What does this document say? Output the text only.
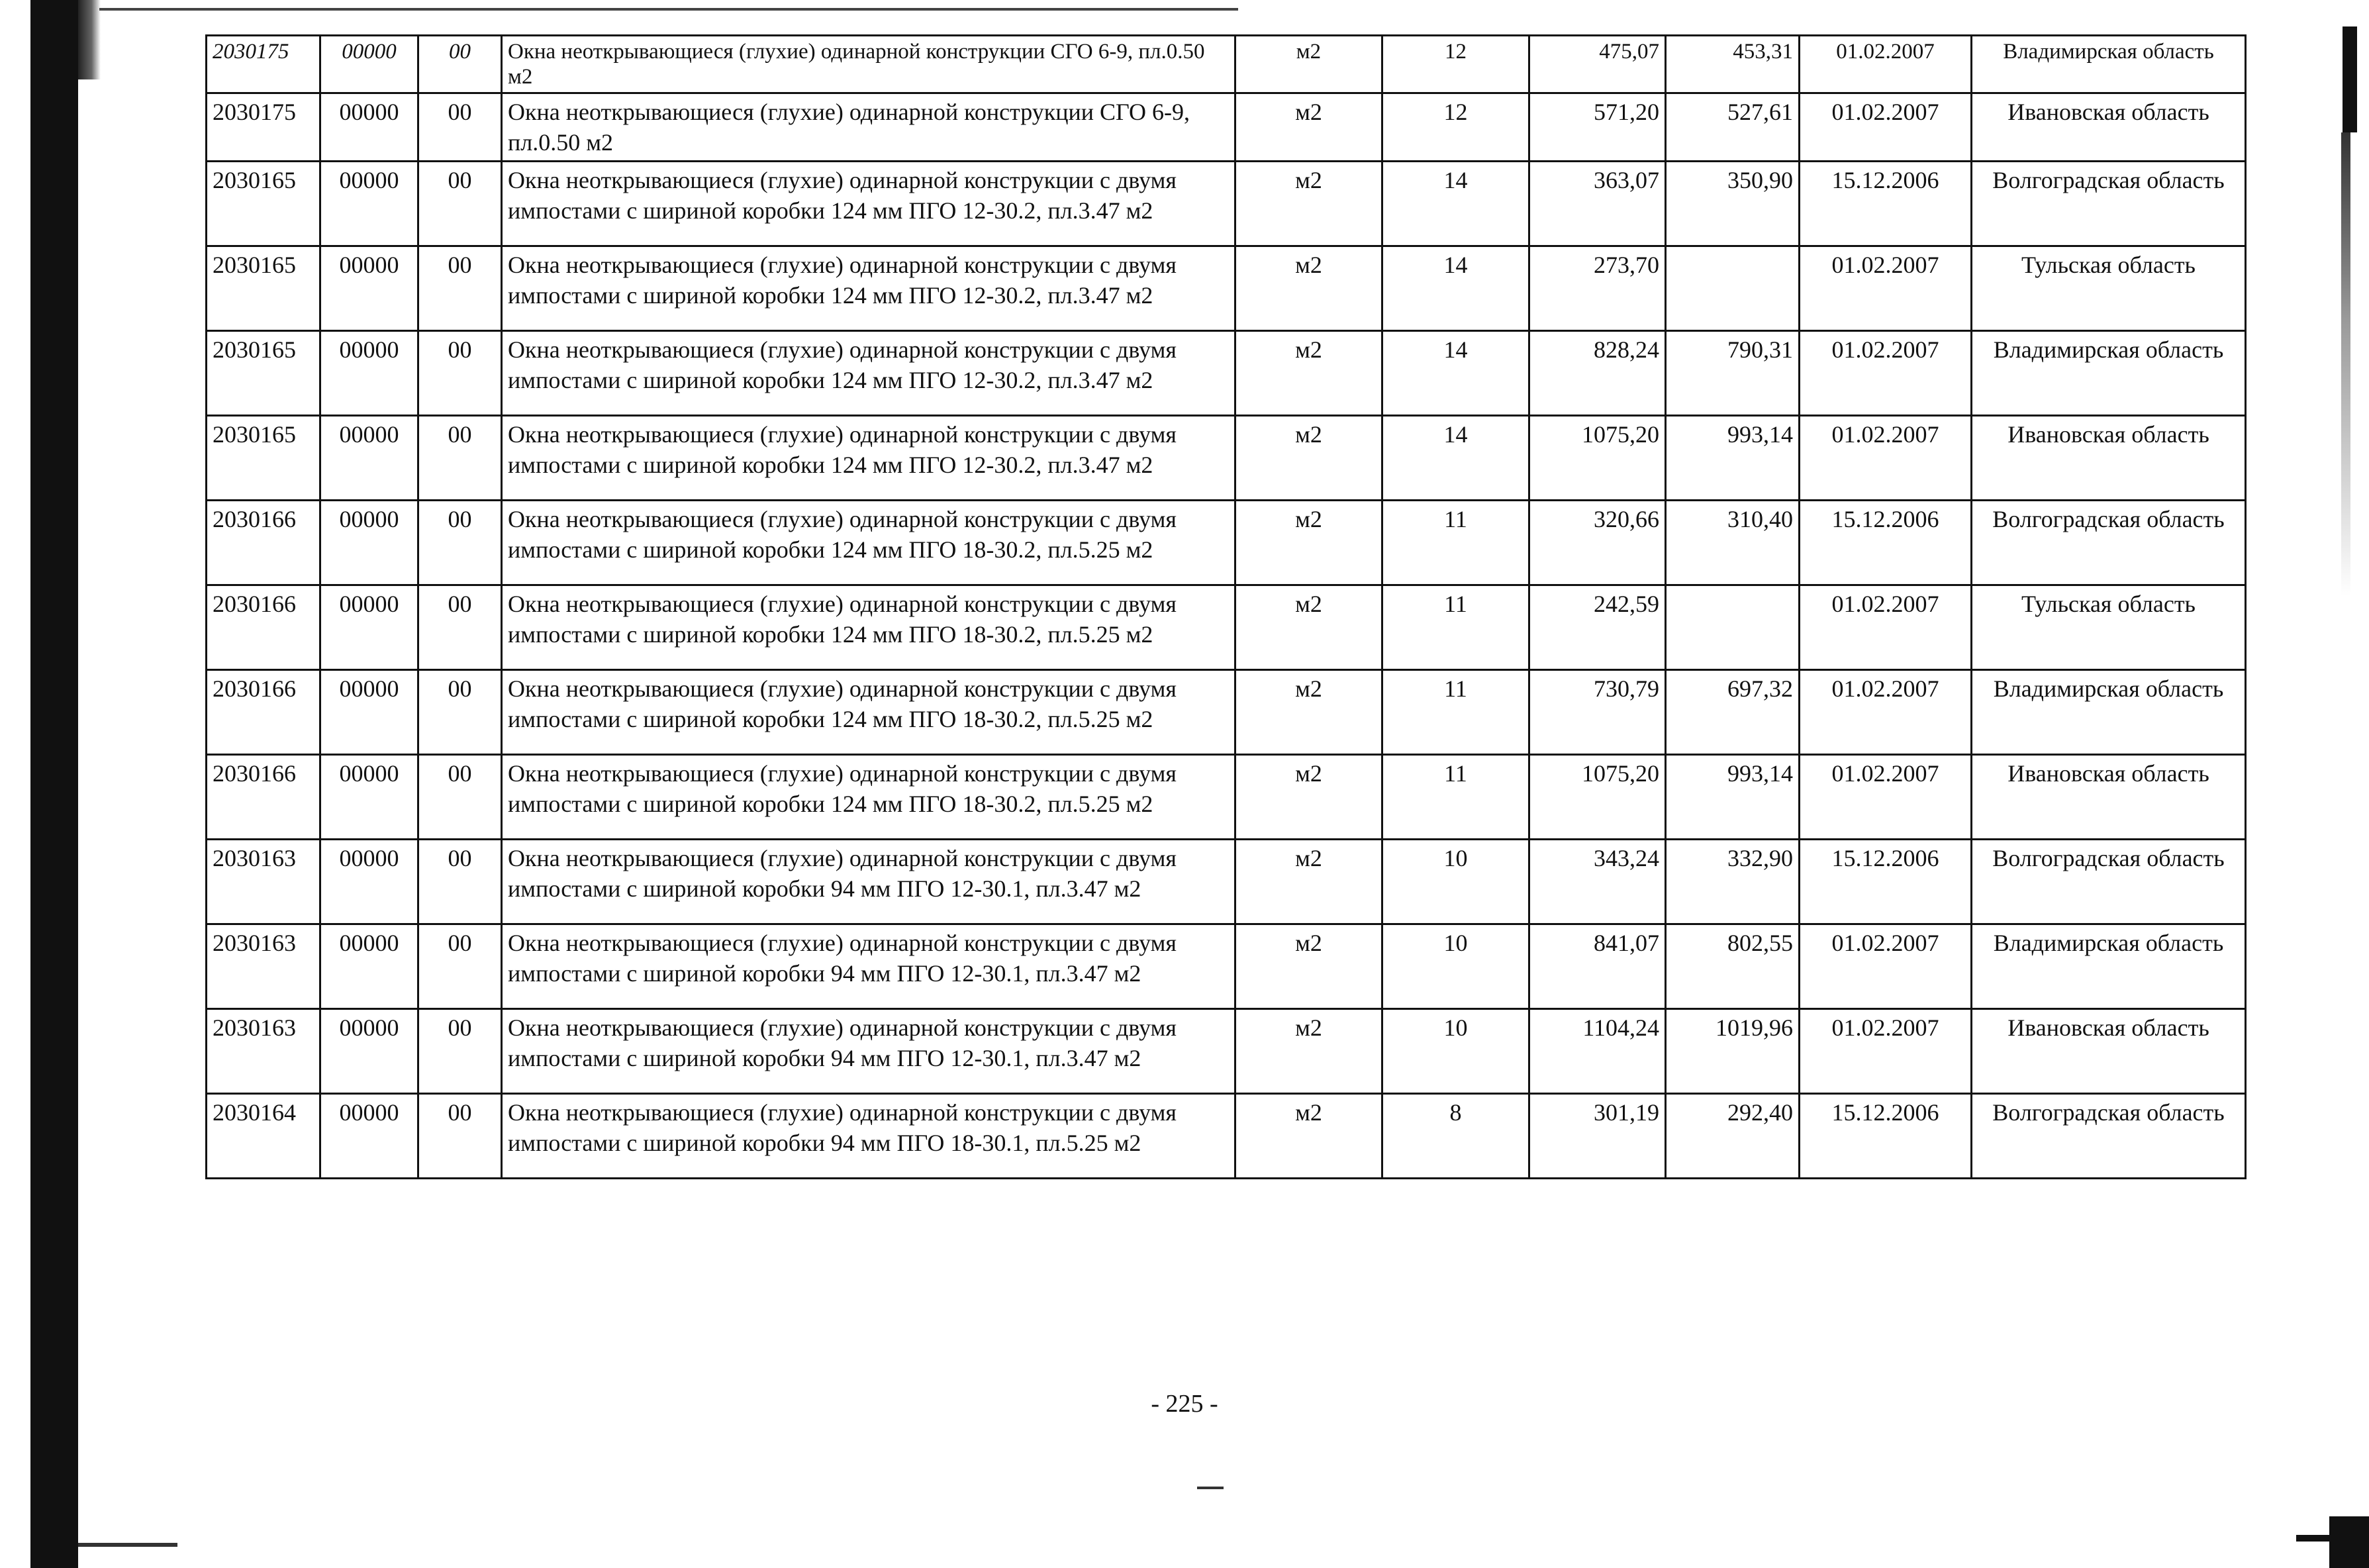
2030175	00000	00	Окна неоткрывающиеся (глухие) одинарной конструкции СГО 6-9, пл.0.50 м2	м2	12	475,07	453,31	01.02.2007	Владимирская область
2030175	00000	00	Окна неоткрывающиеся (глухие) одинарной конструкции СГО 6-9, пл.0.50 м2	м2	12	571,20	527,61	01.02.2007	Ивановская область
2030165	00000	00	Окна неоткрывающиеся (глухие) одинарной конструкции с двумя импостами с шириной коробки 124 мм ПГО 12-30.2, пл.3.47 м2	м2	14	363,07	350,90	15.12.2006	Волгоградская область
2030165	00000	00	Окна неоткрывающиеся (глухие) одинарной конструкции с двумя импостами с шириной коробки 124 мм ПГО 12-30.2, пл.3.47 м2	м2	14	273,70		01.02.2007	Тульская область
2030165	00000	00	Окна неоткрывающиеся (глухие) одинарной конструкции с двумя импостами с шириной коробки 124 мм ПГО 12-30.2, пл.3.47 м2	м2	14	828,24	790,31	01.02.2007	Владимирская область
2030165	00000	00	Окна неоткрывающиеся (глухие) одинарной конструкции с двумя импостами с шириной коробки 124 мм ПГО 12-30.2, пл.3.47 м2	м2	14	1075,20	993,14	01.02.2007	Ивановская область
2030166	00000	00	Окна неоткрывающиеся (глухие) одинарной конструкции с двумя импостами с шириной коробки 124 мм ПГО 18-30.2, пл.5.25 м2	м2	11	320,66	310,40	15.12.2006	Волгоградская область
2030166	00000	00	Окна неоткрывающиеся (глухие) одинарной конструкции с двумя импостами с шириной коробки 124 мм ПГО 18-30.2, пл.5.25 м2	м2	11	242,59		01.02.2007	Тульская область
2030166	00000	00	Окна неоткрывающиеся (глухие) одинарной конструкции с двумя импостами с шириной коробки 124 мм ПГО 18-30.2, пл.5.25 м2	м2	11	730,79	697,32	01.02.2007	Владимирская область
2030166	00000	00	Окна неоткрывающиеся (глухие) одинарной конструкции с двумя импостами с шириной коробки 124 мм ПГО 18-30.2, пл.5.25 м2	м2	11	1075,20	993,14	01.02.2007	Ивановская область
2030163	00000	00	Окна неоткрывающиеся (глухие) одинарной конструкции с двумя импостами с шириной коробки 94 мм ПГО 12-30.1, пл.3.47 м2	м2	10	343,24	332,90	15.12.2006	Волгоградская область
2030163	00000	00	Окна неоткрывающиеся (глухие) одинарной конструкции с двумя импостами с шириной коробки 94 мм ПГО 12-30.1, пл.3.47 м2	м2	10	841,07	802,55	01.02.2007	Владимирская область
2030163	00000	00	Окна неоткрывающиеся (глухие) одинарной конструкции с двумя импостами с шириной коробки 94 мм ПГО 12-30.1, пл.3.47 м2	м2	10	1104,24	1019,96	01.02.2007	Ивановская область
2030164	00000	00	Окна неоткрывающиеся (глухие) одинарной конструкции с двумя импостами с шириной коробки 94 мм ПГО 18-30.1, пл.5.25 м2	м2	8	301,19	292,40	15.12.2006	Волгоградская область
- 225 -
